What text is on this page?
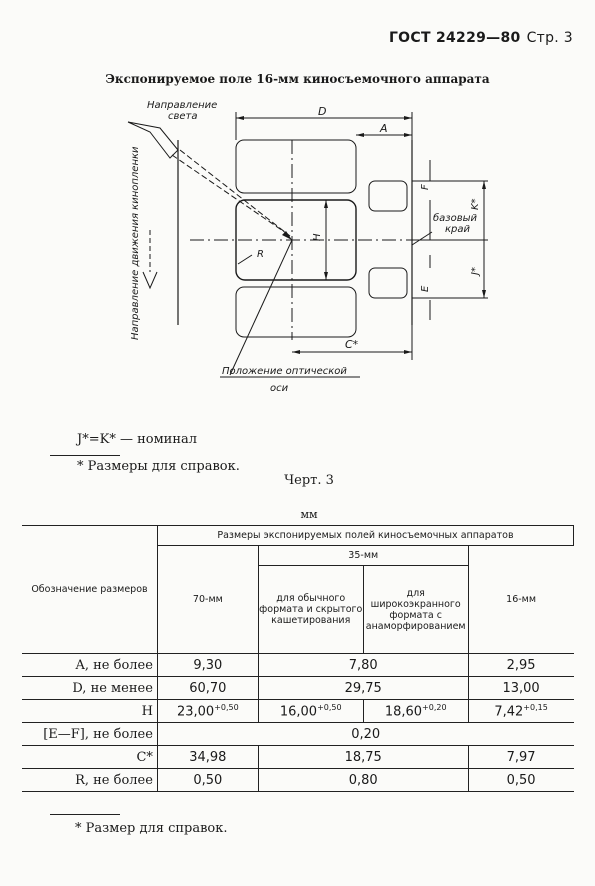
ГОСТ 24229—80 Стр. 3
Экспонируемое поле 16-мм киносъемочного аппарата
Направление
света	D
A
H
R
F
K*
базовый
край
J*
E
C*
Положение оптической
оси
Направление движения кинопленки
J*=K* — номинал
* Размеры для справок.
Черт. 3
мм
Обозначение размеров	Размеры экспонируемых полей киносъемочных аппаратов			
	70-мм	35-мм		16-мм
		для обычного формата и скрытого кашетирования	для широкоэкранного формата с анаморфированием	
A, не более	9,30	7,80		2,95
D, не менее	60,70	29,75		13,00
H	$23,00^{+0,50}$	$16,00^{+0,50}$	$18,60^{+0,20}$	$7,42^{+0,15}$
[E—F], не более	0,20			
C*	34,98	18,75		7,97
R, не более	0,50	0,80		0,50
* Размер для справок.
